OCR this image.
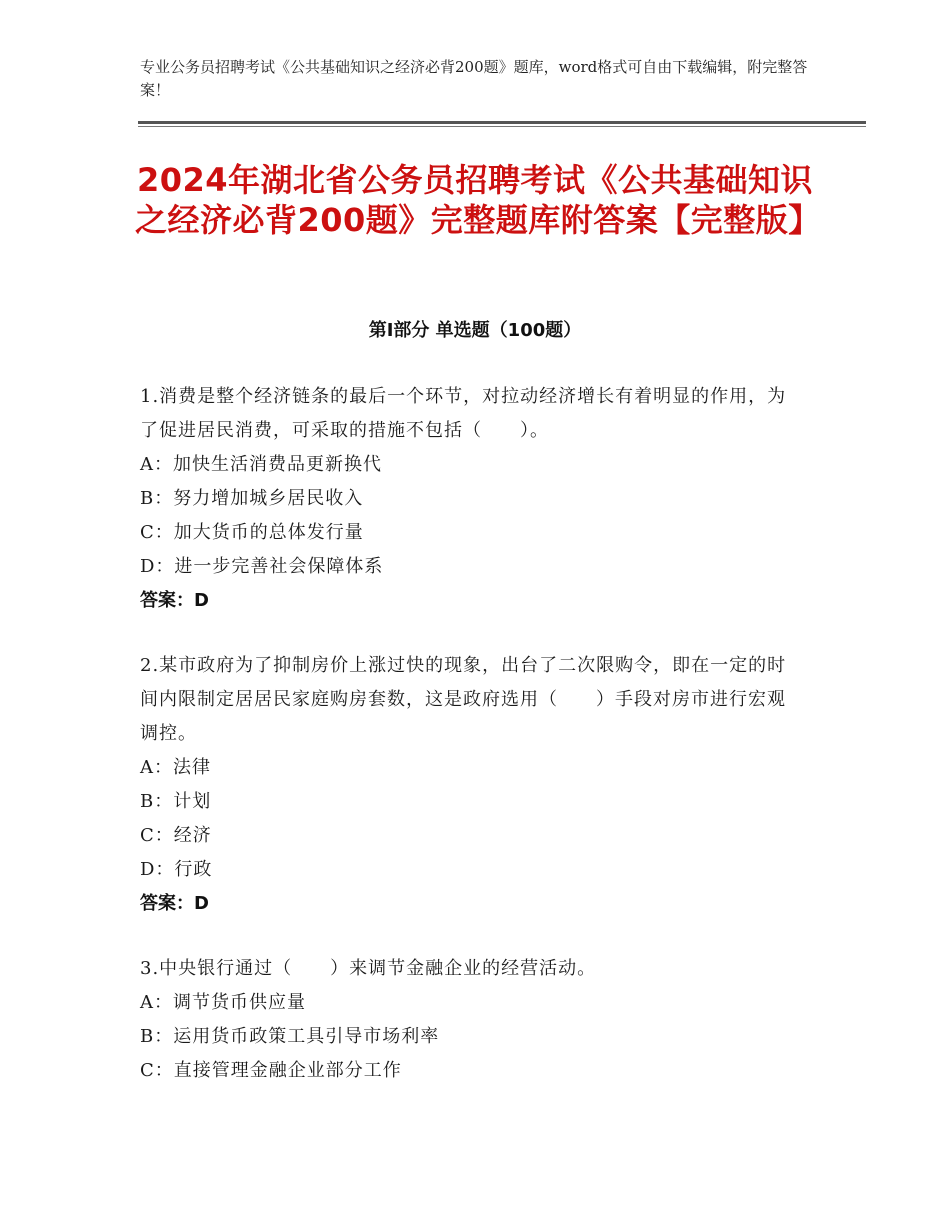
专业公务员招聘考试《公共基础知识之经济必背200题》题库，word格式可自由下载编辑，附完整答案！
2024年湖北省公务员招聘考试《公共基础知识之经济必背200题》完整题库附答案【完整版】
第Ⅰ部分 单选题（100题）
1.消费是整个经济链条的最后一个环节，对拉动经济增长有着明显的作用，为了促进居民消费，可采取的措施不包括（　　）。
A：加快生活消费品更新换代
B：努力增加城乡居民收入
C：加大货币的总体发行量
D：进一步完善社会保障体系
答案：D
2.某市政府为了抑制房价上涨过快的现象，出台了二次限购令，即在一定的时间内限制定居居民家庭购房套数，这是政府选用（　　）手段对房市进行宏观调控。
A：法律
B：计划
C：经济
D：行政
答案：D
3.中央银行通过（　　）来调节金融企业的经营活动。
A：调节货币供应量
B：运用货币政策工具引导市场利率
C：直接管理金融企业部分工作
